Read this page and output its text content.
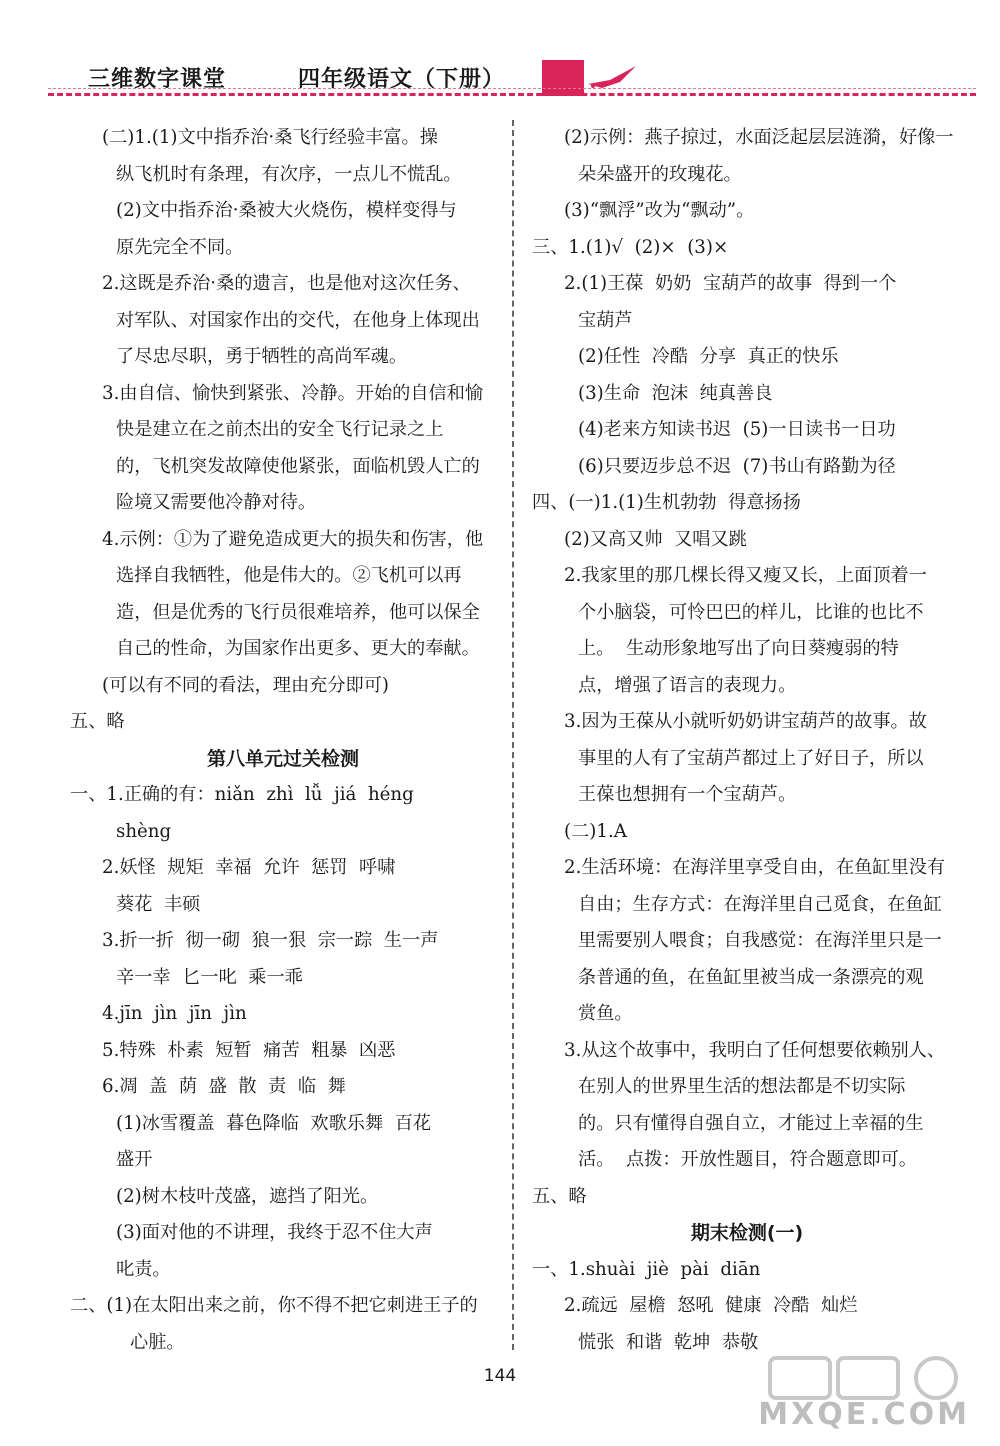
三维数字课堂	四年级语文（下册）
(二)1.(1)文中指乔治·桑飞行经验丰富。操
纵飞机时有条理，有次序，一点儿不慌乱。
(2)文中指乔治·桑被大火烧伤，模样变得与
原先完全不同。
2.这既是乔治·桑的遗言，也是他对这次任务、
对军队、对国家作出的交代，在他身上体现出
了尽忠尽职，勇于牺牲的高尚军魂。
3.由自信、愉快到紧张、冷静。开始的自信和愉
快是建立在之前杰出的安全飞行记录之上
的，飞机突发故障使他紧张，面临机毁人亡的
险境又需要他冷静对待。
4.示例：①为了避免造成更大的损失和伤害，他
选择自我牺牲，他是伟大的。②飞机可以再
造，但是优秀的飞行员很难培养，他可以保全
自己的性命，为国家作出更多、更大的奉献。
(可以有不同的看法，理由充分即可)
五、略
第八单元过关检测
一、1.正确的有：niǎn  zhì  lǚ  jiá  héng
shèng
2.妖怪  规矩  幸福  允许  惩罚  呼啸
葵花  丰硕
3.折一折  彻一砌  狼一狠  宗一踪  生一声
辛一幸  匕一叱  乘一乖
4.jīn  jìn  jīn  jìn
5.特殊  朴素  短暂  痛苦  粗暴  凶恶
6.凋  盖  荫  盛  散  责  临  舞
(1)冰雪覆盖  暮色降临  欢歌乐舞  百花
盛开
(2)树木枝叶茂盛，遮挡了阳光。
(3)面对他的不讲理，我终于忍不住大声
叱责。
二、(1)在太阳出来之前，你不得不把它刺进王子的
心脏。
(2)示例：燕子掠过，水面泛起层层涟漪，好像一
朵朵盛开的玫瑰花。
(3)“飘浮”改为“飘动”。
三、1.(1)√  (2)×  (3)×
2.(1)王葆  奶奶  宝葫芦的故事  得到一个
宝葫芦
(2)任性  冷酷  分享  真正的快乐
(3)生命  泡沫  纯真善良
(4)老来方知读书迟  (5)一日读书一日功
(6)只要迈步总不迟  (7)书山有路勤为径
四、(一)1.(1)生机勃勃  得意扬扬
(2)又高又帅  又唱又跳
2.我家里的那几棵长得又瘦又长，上面顶着一
个小脑袋，可怜巴巴的样儿，比谁的也比不
上。  生动形象地写出了向日葵瘦弱的特
点，增强了语言的表现力。
3.因为王葆从小就听奶奶讲宝葫芦的故事。故
事里的人有了宝葫芦都过上了好日子，所以
王葆也想拥有一个宝葫芦。
(二)1.A
2.生活环境：在海洋里享受自由，在鱼缸里没有
自由；生存方式：在海洋里自己觅食，在鱼缸
里需要别人喂食；自我感觉：在海洋里只是一
条普通的鱼，在鱼缸里被当成一条漂亮的观
赏鱼。
3.从这个故事中，我明白了任何想要依赖别人、
在别人的世界里生活的想法都是不切实际
的。只有懂得自强自立，才能过上幸福的生
活。  点拨：开放性题目，符合题意即可。
五、略
期末检测(一)
一、1.shuài  jiè  pài  diān
2.疏远  屋檐  怒吼  健康  冷酷  灿烂
慌张  和谐  乾坤  恭敬
144
MXQE.COM
